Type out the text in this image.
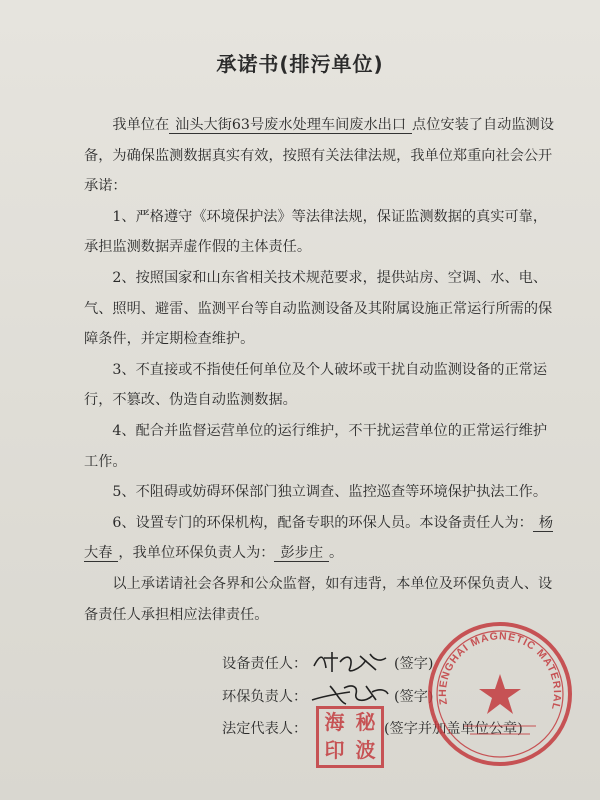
承诺书(排污单位)

我单位在 汕头大街63号废水处理车间废水出口 点位安装了自动监测设备，为确保监测数据真实有效，按照有关法律法规，我单位郑重向社会公开承诺：

1、严格遵守《环境保护法》等法律法规，保证监测数据的真实可靠，承担监测数据弄虚作假的主体责任。

2、按照国家和山东省相关技术规范要求，提供站房、空调、水、电、气、照明、避雷、监测平台等自动监测设备及其附属设施正常运行所需的保障条件，并定期检查维护。

3、不直接或不指使任何单位及个人破坏或干扰自动监测设备的正常运行，不篡改、伪造自动监测数据。

4、配合并监督运营单位的运行维护，不干扰运营单位的正常运行维护工作。

5、不阻碍或妨碍环保部门独立调查、监控巡查等环境保护执法工作。

6、设置专门的环保机构，配备专职的环保人员。本设备责任人为： 杨大春 ，我单位环保负责人为： 彭步庄 。

以上承诺请社会各界和公众监督，如有违背，本单位及环保负责人、设备责任人承担相应法律责任。

设备责任人：	(签字)
环保负责人：	(签字)
法定代表人：	(签字并加盖单位公章)
海 秘
印 波
ZHENGHAI MAGNETIC MATERIAL
